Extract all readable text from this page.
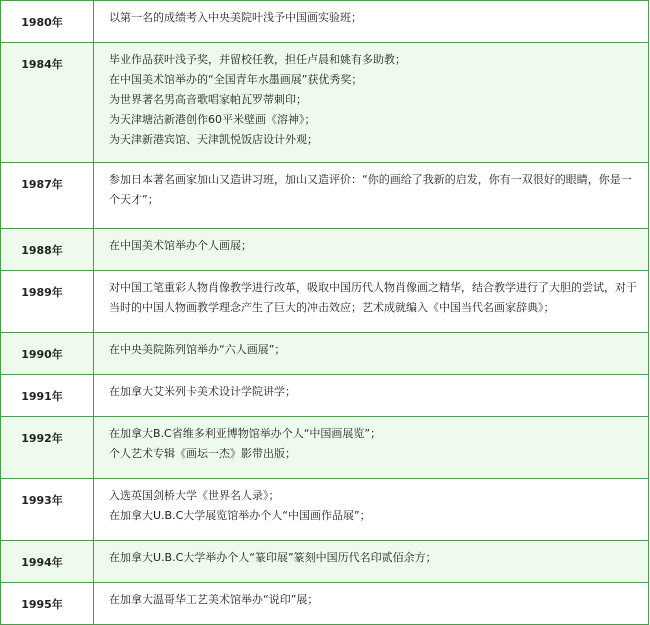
1980年	以第一名的成绩考入中央美院叶浅予中国画实验班；

1984年	毕业作品获叶浅予奖，并留校任教，担任卢晨和姚有多助教；
在中国美术馆举办的“全国青年水墨画展”获优秀奖；
为世界著名男高音歌唱家帕瓦罗蒂刺印；
为天津塘沽新港创作60平米壁画《溶神》；
为天津新港宾馆、天津凯悦饭店设计外观；

1987年	参加日本著名画家加山又造讲习班，加山又造评价：“你的画给了我新的启发，你有一双很好的眼睛，你是一个天才”；

1988年	在中国美术馆举办个人画展；

1989年	对中国工笔重彩人物肖像教学进行改革，吸取中国历代人物肖像画之精华，结合教学进行了大胆的尝试，对于当时的中国人物画教学理念产生了巨大的冲击效应；艺术成就编入《中国当代名画家辞典》；

1990年	在中央美院陈列馆举办“六人画展”；

1991年	在加拿大艾米列卡美术设计学院讲学；

1992年	在加拿大B.C省维多利亚博物馆举办个人“中国画展览”；
个人艺术专辑《画坛一杰》影带出版；

1993年	入选英国剑桥大学《世界名人录》；
在加拿大U.B.C大学展览馆举办个人“中国画作品展”；

1994年	在加拿大U.B.C大学举办个人“篆印展”篆刻中国历代名印贰佰余方；

1995年	在加拿大温哥华工艺美术馆举办“说印”展；
